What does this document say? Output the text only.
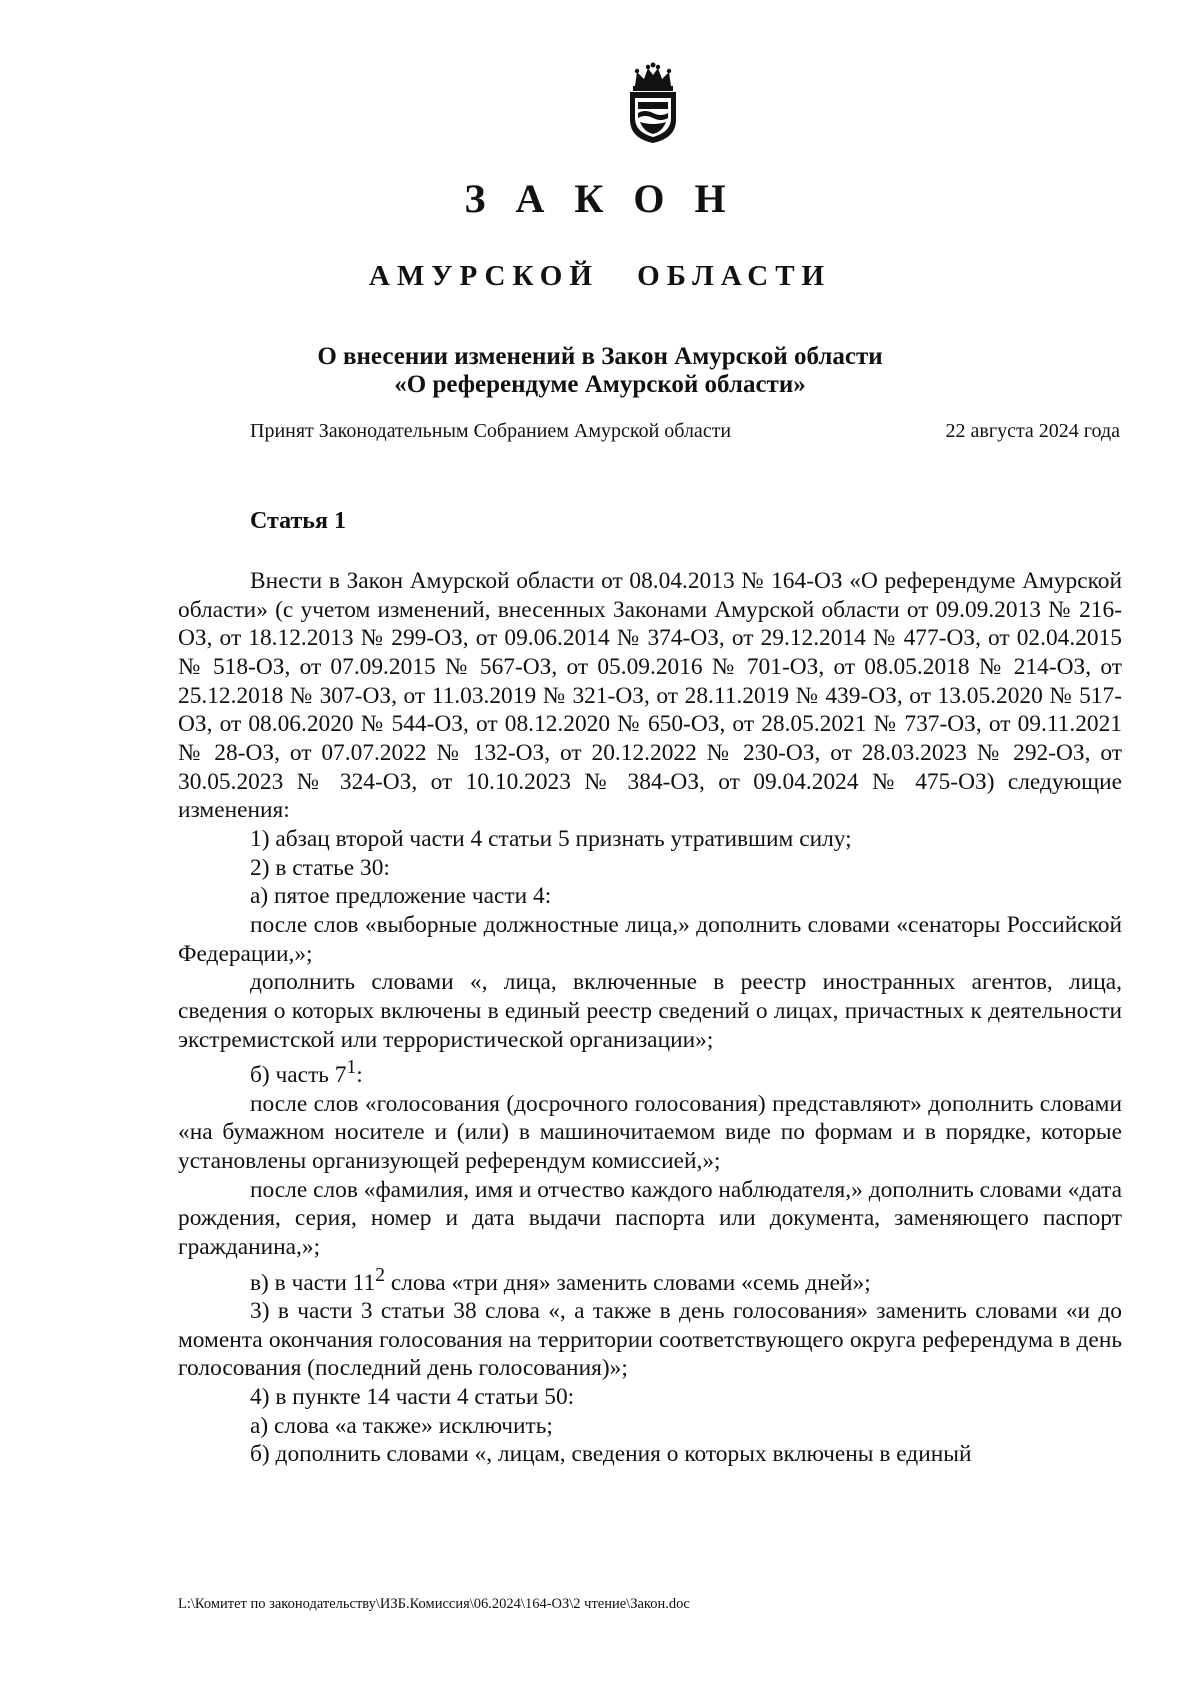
З А К О Н
АМУРСКОЙ ОБЛАСТИ
О внесении изменений в Закон Амурской области
«О референдуме Амурской области»
Принят Законодательным Собранием Амурской области	22 августа 2024 года
Статья 1

Внести в Закон Амурской области от 08.04.2013 № 164-ОЗ «О референдуме Амурской области» (с учетом изменений, внесенных Законами Амурской области от 09.09.2013 № 216-ОЗ, от 18.12.2013 № 299-ОЗ, от 09.06.2014 № 374-ОЗ, от 29.12.2014 № 477-ОЗ, от 02.04.2015 № 518-ОЗ, от 07.09.2015 № 567-ОЗ, от 05.09.2016 № 701-ОЗ, от 08.05.2018 № 214-ОЗ, от 25.12.2018 № 307-ОЗ, от 11.03.2019 № 321-ОЗ, от 28.11.2019 № 439-ОЗ, от 13.05.2020 № 517-ОЗ, от 08.06.2020 № 544-ОЗ, от 08.12.2020 № 650-ОЗ, от 28.05.2021 № 737-ОЗ, от 09.11.2021 № 28-ОЗ, от 07.07.2022 № 132-ОЗ, от 20.12.2022 № 230-ОЗ, от 28.03.2023 № 292-ОЗ, от 30.05.2023 № 324-ОЗ, от 10.10.2023 № 384-ОЗ, от 09.04.2024 № 475-ОЗ) следующие изменения:

1) абзац второй части 4 статьи 5 признать утратившим силу;

2) в статье 30:

а) пятое предложение части 4:

после слов «выборные должностные лица,» дополнить словами «сенаторы Российской Федерации,»;

дополнить словами «, лица, включенные в реестр иностранных агентов, лица, сведения о которых включены в единый реестр сведений о лицах, причастных к деятельности экстремистской или террористической организации»;

б) часть $7^1$:

после слов «голосования (досрочного голосования) представляют» дополнить словами «на бумажном носителе и (или) в машиночитаемом виде по формам и в порядке, которые установлены организующей референдум комиссией,»;

после слов «фамилия, имя и отчество каждого наблюдателя,» дополнить словами «дата рождения, серия, номер и дата выдачи паспорта или документа, заменяющего паспорт гражданина,»;

в) в части $11^2$ слова «три дня» заменить словами «семь дней»;

3) в части 3 статьи 38 слова «, а также в день голосования» заменить словами «и до момента окончания голосования на территории соответствующего округа референдума в день голосования (последний день голосования)»;

4) в пункте 14 части 4 статьи 50:

а) слова «а также» исключить;

б) дополнить словами «, лицам, сведения о которых включены в единый

L:\Комитет по законодательству\ИЗБ.Комиссия\06.2024\164-ОЗ\2 чтение\Закон.doc
